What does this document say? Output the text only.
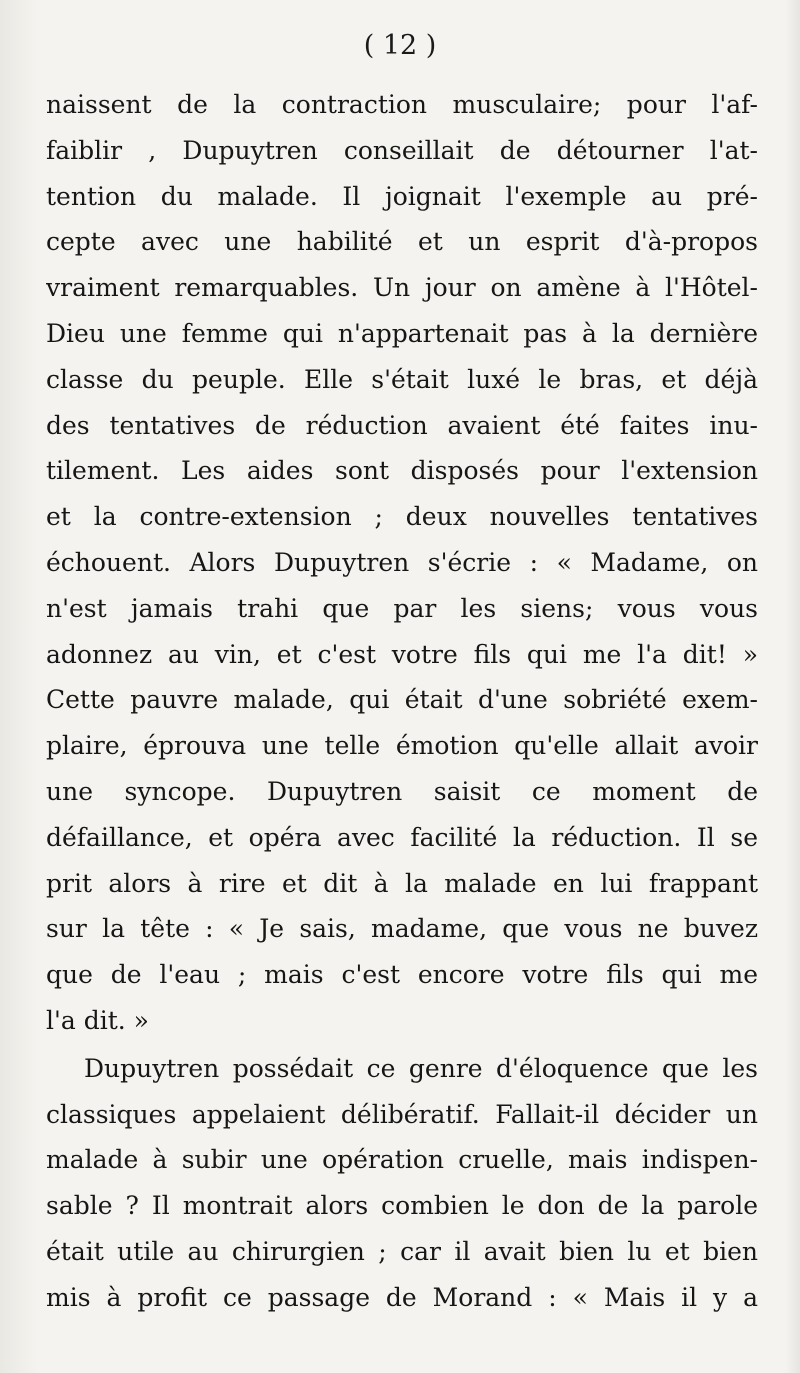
( 12 )
naissent de la contraction musculaire; pour l'af-
faiblir , Dupuytren conseillait de détourner l'at-
tention du malade. Il joignait l'exemple au pré-
cepte avec une habilité et un esprit d'à-propos
vraiment remarquables. Un jour on amène à l'Hôtel-
Dieu une femme qui n'appartenait pas à la dernière
classe du peuple. Elle s'était luxé le bras, et déjà
des tentatives de réduction avaient été faites inu-
tilement. Les aides sont disposés pour l'extension
et la contre-extension ; deux nouvelles tentatives
échouent. Alors Dupuytren s'écrie : « Madame, on
n'est jamais trahi que par les siens; vous vous
adonnez au vin, et c'est votre fils qui me l'a dit! »
Cette pauvre malade, qui était d'une sobriété exem-
plaire, éprouva une telle émotion qu'elle allait avoir
une syncope. Dupuytren saisit ce moment de
défaillance, et opéra avec facilité la réduction. Il se
prit alors à rire et dit à la malade en lui frappant
sur la tête : « Je sais, madame, que vous ne buvez
que de l'eau ; mais c'est encore votre fils qui me
l'a dit. »
Dupuytren possédait ce genre d'éloquence que les
classiques appelaient délibératif. Fallait-il décider un
malade à subir une opération cruelle, mais indispen-
sable ? Il montrait alors combien le don de la parole
était utile au chirurgien ; car il avait bien lu et bien
mis à profit ce passage de Morand : « Mais il y a
